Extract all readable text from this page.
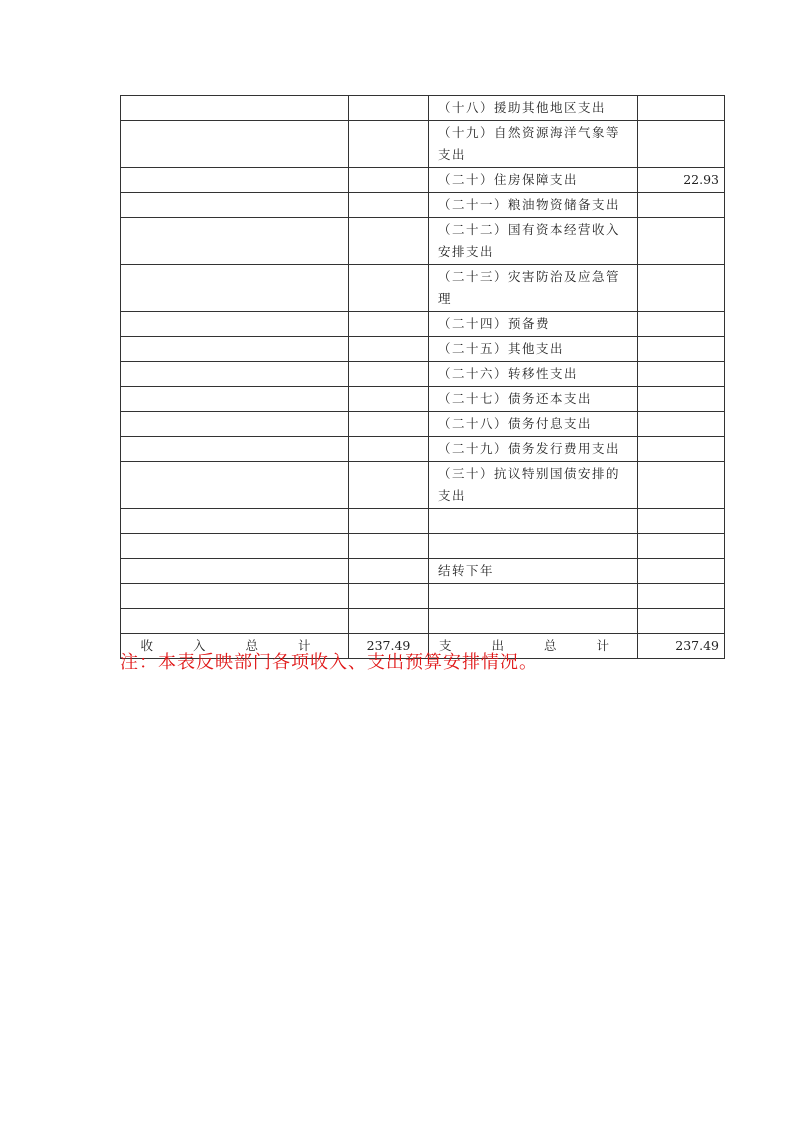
		（十八）援助其他地区支出	
		（十九）自然资源海洋气象等支出	
		（二十）住房保障支出	22.93
		（二十一）粮油物资储备支出	
		（二十二）国有资本经营收入安排支出	
		（二十三）灾害防治及应急管理	
		（二十四）预备费	
		（二十五）其他支出	
		（二十六）转移性支出	
		（二十七）债务还本支出	
		（二十八）债务付息支出	
		（二十九）债务发行费用支出	
		（三十）抗议特别国债安排的支出	

		结转下年	

收 入 总 计	237.49	支 出 总 计	237.49
注：本表反映部门各项收入、支出预算安排情况。
